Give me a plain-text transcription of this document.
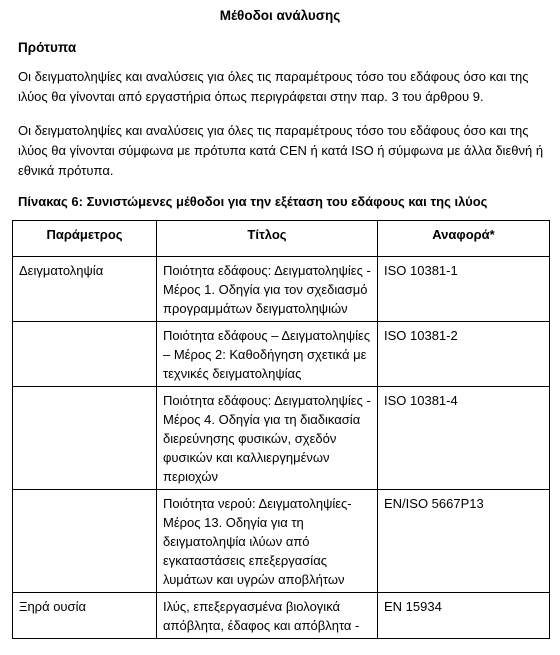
Μέθοδοι ανάλυσης
Πρότυπα
Οι δειγματοληψίες και αναλύσεις για όλες τις παραμέτρους τόσο του εδάφους όσο και της ιλύος θα γίνονται από εργαστήρια όπως περιγράφεται στην παρ. 3 του άρθρου 9.
Οι δειγματοληψίες και αναλύσεις για όλες τις παραμέτρους τόσο του εδάφους όσο και της ιλύος θα γίνονται σύμφωνα με πρότυπα κατά CEN ή κατά ISO ή σύμφωνα με άλλα διεθνή ή εθνικά πρότυπα.
Πίνακας 6: Συνιστώμενες μέθοδοι για την εξέταση του εδάφους και της ιλύος
Παράμετρος	Τίτλος	Αναφορά*
Δειγματοληψία	Ποιότητα εδάφους: Δειγματοληψίες - Μέρος 1. Οδηγία για τον σχεδιασμό προγραμμάτων δειγματοληψιών	ISO 10381-1
	Ποιότητα εδάφους – Δειγματοληψίες – Μέρος 2: Καθοδήγηση σχετικά με τεχνικές δειγματοληψίας	ISO 10381-2
	Ποιότητα εδάφους: Δειγματοληψίες - Μέρος 4. Οδηγία για τη διαδικασία διερεύνησης φυσικών, σχεδόν φυσικών και καλλιεργημένων περιοχών	ISO 10381-4
	Ποιότητα νερού: Δειγματοληψίες- Μέρος 13. Οδηγία για τη δειγματοληψία ιλύων από εγκαταστάσεις επεξεργασίας λυμάτων και υγρών αποβλήτων	EN/ISO 5667P13
Ξηρά ουσία	Ιλύς, επεξεργασμένα βιολογικά απόβλητα, έδαφος και απόβλητα -	EN 15934
